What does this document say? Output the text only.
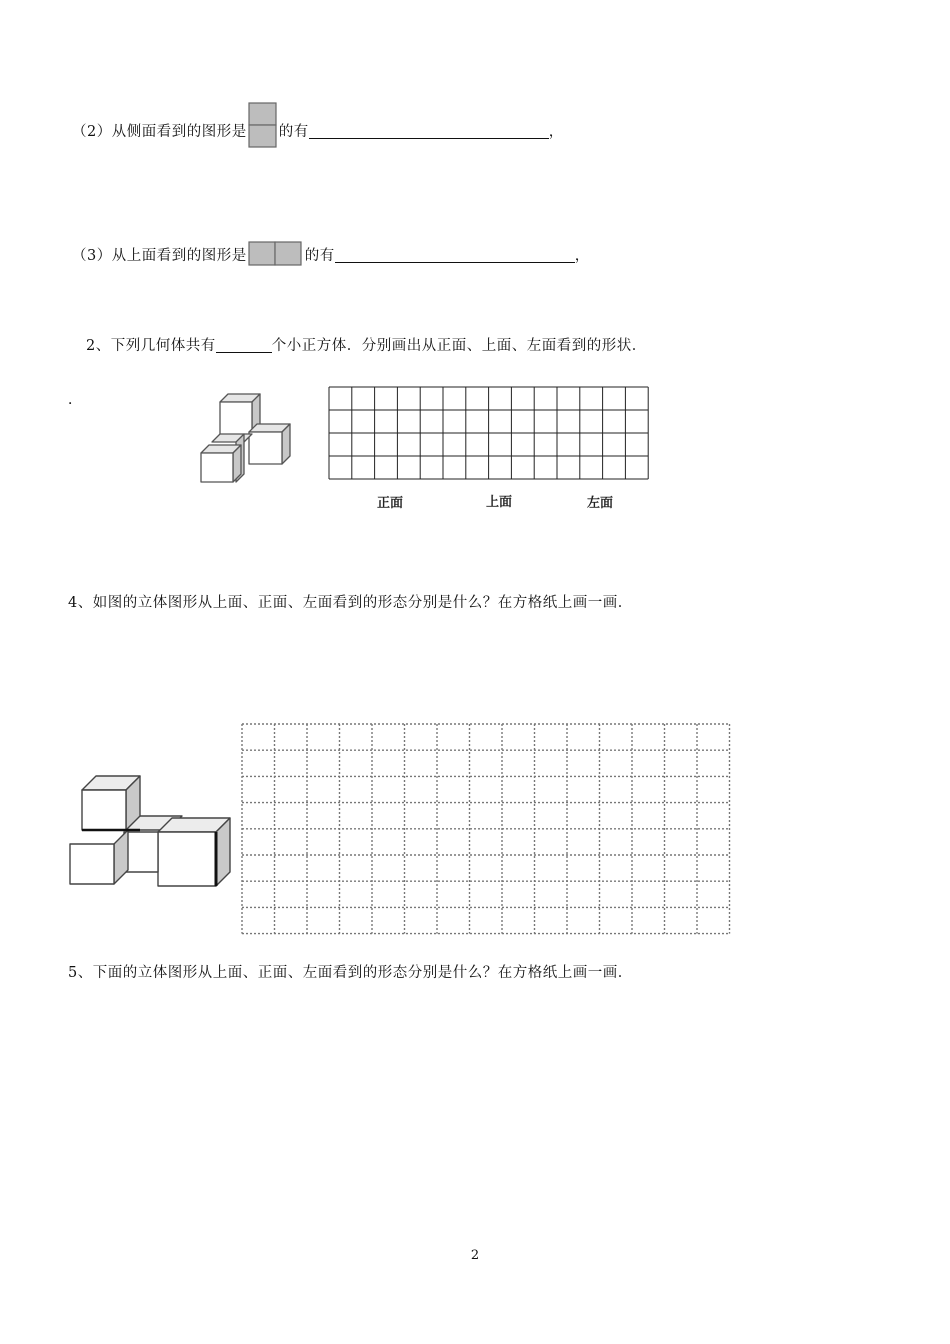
（2）从侧面看到的图形是 的有	，
（3）从上面看到的图形是	的有	，
2、下列几何体共有	个小正方体．分别画出从正面、上面、左面看到的形状．
．
正面	上面	左面
4、如图的立体图形从上面、正面、左面看到的形态分别是什么？在方格纸上画一画．
5、下面的立体图形从上面、正面、左面看到的形态分别是什么？在方格纸上画一画．
2
